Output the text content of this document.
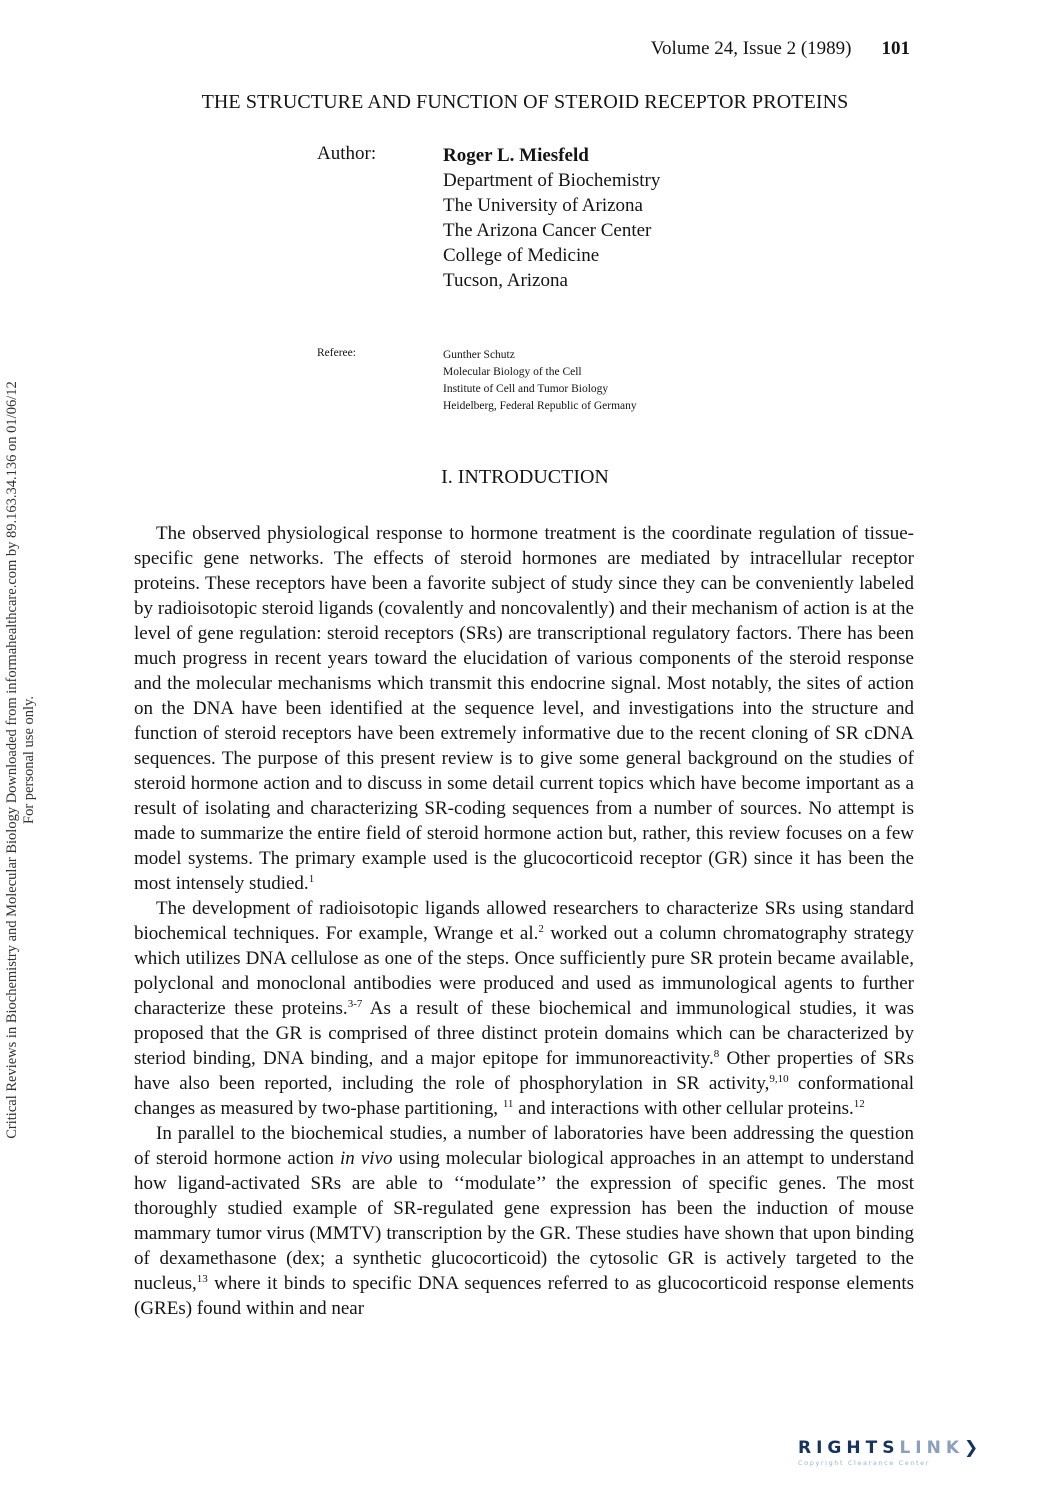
Volume 24, Issue 2 (1989) 101
THE STRUCTURE AND FUNCTION OF STEROID RECEPTOR PROTEINS
Author:	Roger L. Miesfeld
Department of Biochemistry
The University of Arizona
The Arizona Cancer Center
College of Medicine
Tucson, Arizona
Referee:	Gunther Schutz
Molecular Biology of the Cell
Institute of Cell and Tumor Biology
Heidelberg, Federal Republic of Germany
I. INTRODUCTION

The observed physiological response to hormone treatment is the coordinate regulation of tissue-specific gene networks. The effects of steroid hormones are mediated by intracellular receptor proteins. These receptors have been a favorite subject of study since they can be conveniently labeled by radioisotopic steroid ligands (covalently and noncovalently) and their mechanism of action is at the level of gene regulation: steroid receptors (SRs) are transcriptional regulatory factors. There has been much progress in recent years toward the elucidation of various components of the steroid response and the molecular mechanisms which transmit this endocrine signal. Most notably, the sites of action on the DNA have been identified at the sequence level, and investigations into the structure and function of steroid receptors have been extremely informative due to the recent cloning of SR cDNA sequences. The purpose of this present review is to give some general background on the studies of steroid hormone action and to discuss in some detail current topics which have become important as a result of isolating and characterizing SR-coding sequences from a number of sources. No attempt is made to summarize the entire field of steroid hormone action but, rather, this review focuses on a few model systems. The primary example used is the glucocorticoid receptor (GR) since it has been the most intensely studied.$^1$

The development of radioisotopic ligands allowed researchers to characterize SRs using standard biochemical techniques. For example, Wrange et al.$^2$ worked out a column chromatography strategy which utilizes DNA cellulose as one of the steps. Once sufficiently pure SR protein became available, polyclonal and monoclonal antibodies were produced and used as immunological agents to further characterize these proteins.$^{3-7}$ As a result of these biochemical and immunological studies, it was proposed that the GR is comprised of three distinct protein domains which can be characterized by steriod binding, DNA binding, and a major epitope for immunoreactivity.$^8$ Other properties of SRs have also been reported, including the role of phosphorylation in SR activity,$^{9,10}$ conformational changes as measured by two-phase partitioning, $^{11}$ and interactions with other cellular proteins.$^{12}$

In parallel to the biochemical studies, a number of laboratories have been addressing the question of steroid hormone action in vivo using molecular biological approaches in an attempt to understand how ligand-activated SRs are able to ‘‘modulate’’ the expression of specific genes. The most thoroughly studied example of SR-regulated gene expression has been the induction of mouse mammary tumor virus (MMTV) transcription by the GR. These studies have shown that upon binding of dexamethasone (dex; a synthetic glucocorticoid) the cytosolic GR is actively targeted to the nucleus,$^{13}$ where it binds to specific DNA sequences referred to as glucocorticoid response elements (GREs) found within and near

Critical Reviews in Biochemistry and Molecular Biology Downloaded from informahealthcare.com by 89.163.34.136 on 01/06/12 For personal use only.
RIGHTSLINK❯
Copyright Clearance Center
